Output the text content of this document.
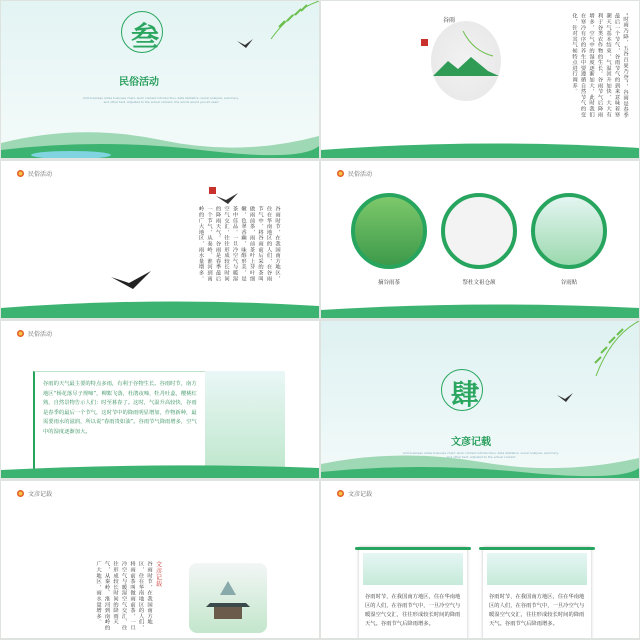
叁
民俗活动
Add business notes business chart, work content introduction, data statistics, social analysis, summary, and other text, adjusted to the actual content, the words would you all need
谷雨	“时雨乃降，五谷百果乃登”，谷雨是春季最后一个节气，谷雨节气的到来意味着寒潮天气基本结束，气温回升加快，大大有利于谷类农作物的生长。谷雨节气后降雨增多，空气中的湿度逐渐加大，此时我们在寒冷有序的养生中要遵循自然节气的变化，针对其气候特点进行调养。
民俗活动
谷雨时节，在我国南方地区，住在华南地区的人们，在谷雨节气中，将谷雨前后采的茶叫做雨前茶，雨前茶叶上芽叶细嫩，色翠香幽，味醇形美，是茶中佳品。一旦冷空气与暖湿空气交汇，往往形成较长时间的降雨天气。谷雨是春季最后一个节气，从秦岭、淮河到南岭的广大地区，雨水量增多。
民俗活动
摘谷雨茶	祭杜文祖仓颉	谷雨贴
民俗活动
谷雨的天气最主要的特点多雨，有利于谷物生长。谷雨时节，南方地区“杨花落尽子规啼”，柳絮飞落，杜鹃夜啼，牡丹吐蕊，樱桃红熟，自然景物告示人们：时至暮春了。这时，气温升高较快，谷雨是春季的最后一个节气，这时节中的降雨明显增加，作物新种，最需要雨水的滋润，所以说“春雨贵如油”。谷雨节气降雨增多，空气中的湿度逐渐加大。
肆
文彦记载
Add business notes business chart, work content introduction, data statistics, social analysis, summary, and other text, adjusted to the actual content
文彦记载
谷雨时节，在我国南方地区，住在华南地区的人们，将雨前茶叫做雨前茶，一旦冷空气与暖湿空气交汇，往往形成较长时间的降雨天气，从秦岭、淮河到南岭的广大地区，雨水量增多。	文彦记载
文彦记载
谷雨时节，在我国南方地区，住在华南地区的人们，在谷雨节气中，一旦冷空气与暖湿空气交汇，往往形成较长时间的降雨天气。谷雨节气后降雨增多。
谷雨时节，在我国南方地区，住在华南地区的人们，在谷雨节气中，一旦冷空气与暖湿空气交汇，往往形成较长时间的降雨天气。谷雨节气后降雨增多。
